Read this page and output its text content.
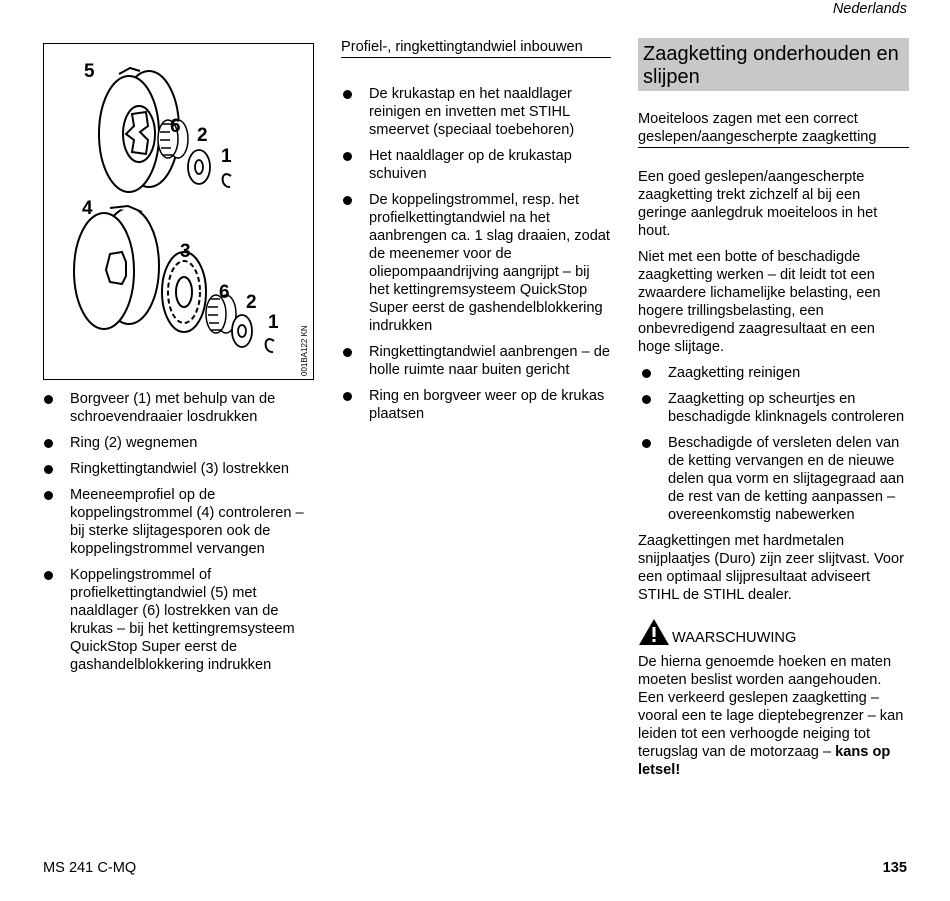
Nederlands
5
6 2
1
4
3
6 2
1
001BA122 KN
Borgveer (1) met behulp van de schroevendraaier losdrukken
Ring (2) wegnemen
Ringkettingtandwiel (3) lostrekken
Meeneemprofiel op de koppelingstrommel (4) controleren – bij sterke slijtagesporen ook de koppelingstrommel vervangen
Koppelingstrommel of profielkettingtandwiel (5) met naaldlager (6) lostrekken van de krukas – bij het kettingremsysteem QuickStop Super eerst de gashandelblokkering indrukken
Profiel-, ringkettingtandwiel inbouwen
De krukastap en het naaldlager reinigen en invetten met STIHL smeervet (speciaal toebehoren)
Het naaldlager op de krukastap schuiven
De koppelingstrommel, resp. het profielkettingtandwiel na het aanbrengen ca. 1 slag draaien, zodat de meenemer voor de oliepompaandrijving aangrijpt – bij het kettingremsysteem QuickStop Super eerst de gashendelblokkering indrukken
Ringkettingtandwiel aanbrengen – de holle ruimte naar buiten gericht
Ring en borgveer weer op de krukas plaatsen
Zaagketting onderhouden en slijpen
Moeiteloos zagen met een correct geslepen/aangescherpte zaagketting

Een goed geslepen/aangescherpte zaagketting trekt zichzelf al bij een geringe aanlegdruk moeiteloos in het hout.

Niet met een botte of beschadigde zaagketting werken – dit leidt tot een zwaardere lichamelijke belasting, een hogere trillingsbelasting, een onbevredigend zaagresultaat en een hoge slijtage.

Zaagketting reinigen
Zaagketting op scheurtjes en beschadigde klinknagels controleren
Beschadigde of versleten delen van de ketting vervangen en de nieuwe delen qua vorm en slijtagegraad aan de rest van de ketting aanpassen – overeenkomstig nabewerken

Zaagkettingen met hardmetalen snijplaatjes (Duro) zijn zeer slijtvast. Voor een optimaal slijpresultaat adviseert STIHL de STIHL dealer.

WAARSCHUWING

De hierna genoemde hoeken en maten moeten beslist worden aangehouden. Een verkeerd geslepen zaagketting – vooral een te lage dieptebegrenzer – kan leiden tot een verhoogde neiging tot terugslag van de motorzaag – kans op letsel!

MS 241 C-MQ	135
